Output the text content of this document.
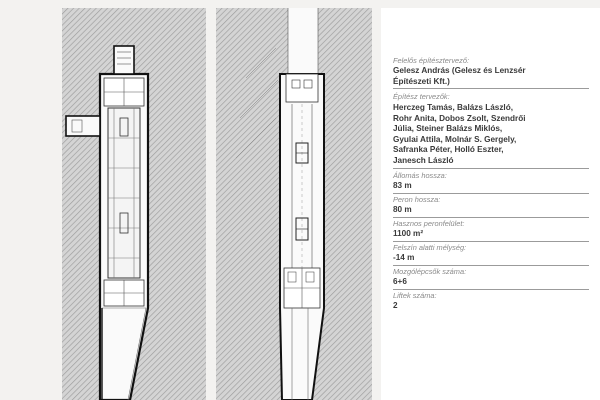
Felelős építésztervező:
Gelesz András (Gelesz és Lenzsér
Építészeti Kft.)
Építész tervezők:
Herczeg Tamás, Balázs László,
Rohr Anita, Dobos Zsolt, Szendrői
Júlia, Steiner Balázs Miklós,
Gyulai Attila, Molnár S. Gergely,
Safranka Péter, Holló Eszter,
Janesch László
Állomás hossza:
83 m
Peron hossza:
80 m
Hasznos peronfelület:
1100 m²
Felszín alatti mélység:
-14 m
Mozgólépcsők száma:
6+6
Liftek száma:
2
